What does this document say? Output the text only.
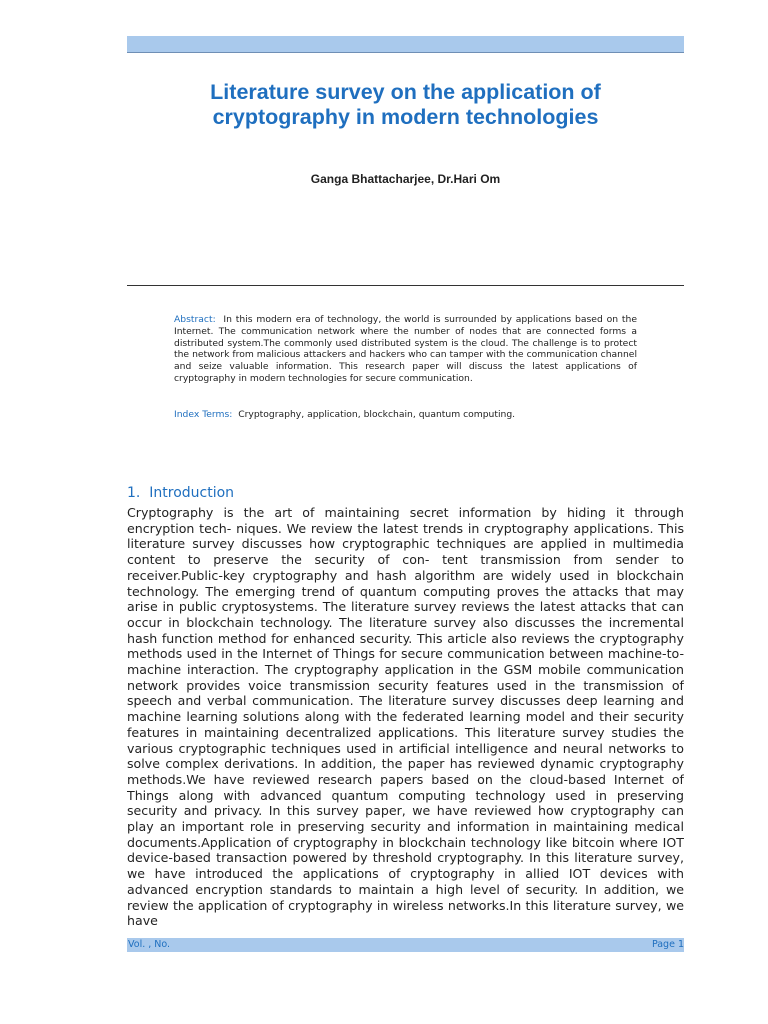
Literature survey on the application of
cryptography in modern technologies
Ganga Bhattacharjee, Dr.Hari Om
Abstract: In this modern era of technology, the world is surrounded by applications based on the Internet. The communication network where the number of nodes that are connected forms a distributed system.The commonly used distributed system is the cloud. The challenge is to protect the network from malicious attackers and hackers who can tamper with the communication channel and seize valuable information. This research paper will discuss the latest applications of cryptography in modern technologies for secure communication.
Index Terms: Cryptography, application, blockchain, quantum computing.
1. Introduction
Cryptography is the art of maintaining secret information by hiding it through encryption tech- niques. We review the latest trends in cryptography applications. This literature survey discusses how cryptographic techniques are applied in multimedia content to preserve the security of con- tent transmission from sender to receiver.Public-key cryptography and hash algorithm are widely used in blockchain technology. The emerging trend of quantum computing proves the attacks that may arise in public cryptosystems. The literature survey reviews the latest attacks that can occur in blockchain technology. The literature survey also discusses the incremental hash function method for enhanced security. This article also reviews the cryptography methods used in the Internet of Things for secure communication between machine-to-machine interaction. The cryptography application in the GSM mobile communication network provides voice transmission security features used in the transmission of speech and verbal communication. The literature survey discusses deep learning and machine learning solutions along with the federated learning model and their security features in maintaining decentralized applications. This literature survey studies the various cryptographic techniques used in artificial intelligence and neural networks to solve complex derivations. In addition, the paper has reviewed dynamic cryptography methods.We have reviewed research papers based on the cloud-based Internet of Things along with advanced quantum computing technology used in preserving security and privacy. In this survey paper, we have reviewed how cryptography can play an important role in preserving security and information in maintaining medical documents.Application of cryptography in blockchain technology like bitcoin where IOT device-based transaction powered by threshold cryptography. In this literature survey, we have introduced the applications of cryptography in allied IOT devices with advanced encryption standards to maintain a high level of security. In addition, we review the application of cryptography in wireless networks.In this literature survey, we have
Vol. , No.	Page 1
